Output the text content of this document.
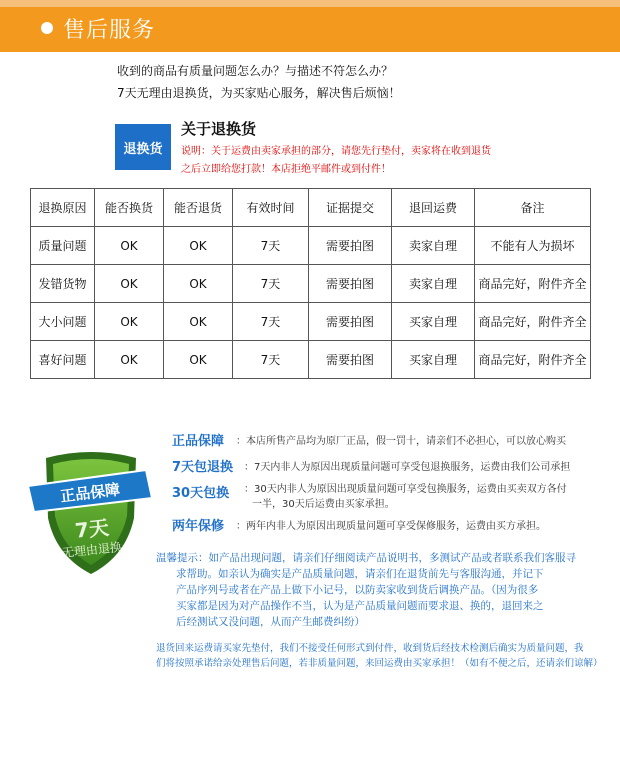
售后服务
收到的商品有质量问题怎么办？与描述不符怎么办？
7天无理由退换货，为买家贴心服务，解决售后烦恼！
退换货
关于退换货
说明：关于运费由卖家承担的部分，请您先行垫付，卖家将在收到退货
之后立即给您打款！本店拒绝平邮件或到付件！
退换原因	能否换货	能否退货	有效时间	证据提交	退回运费	备注
质量问题	OK	OK	7天	需要拍图	卖家自理	不能有人为损坏
发错货物	OK	OK	7天	需要拍图	卖家自理	商品完好，附件齐全
大小问题	OK	OK	7天	需要拍图	买家自理	商品完好，附件齐全
喜好问题	OK	OK	7天	需要拍图	买家自理	商品完好，附件齐全
正品保障
7天
无理由退换
正品保障 ：本店所售产品均为原厂正品，假一罚十，请亲们不必担心，可以放心购买
7天包退换 ：7天内非人为原因出现质量问题可享受包退换服务，运费由我们公司承担
30天包换 ：30天内非人为原因出现质量问题可享受包换服务，运费由买卖双方各付
一半，30天后运费由买家承担。
两年保修 ：两年内非人为原因出现质量问题可享受保修服务，运费由买方承担。
温馨提示：如产品出现问题，请亲们仔细阅读产品说明书，多测试产品或者联系我们客服寻
求帮助。如亲认为确实是产品质量问题，请亲们在退货前先与客服沟通，并记下
产品序列号或者在产品上做下小记号，以防卖家收到货后调换产品。（因为很多
买家都是因为对产品操作不当，认为是产品质量问题而要求退、换的，退回来之
后经测试又没问题，从而产生邮费纠纷）
退货回来运费请买家先垫付，我们不接受任何形式到付件，收到货后经技术检测后确实为质量问题，我
们将按照承诺给亲处理售后问题，若非质量问题，来回运费由买家承担！（如有不便之后，还请亲们谅解）
